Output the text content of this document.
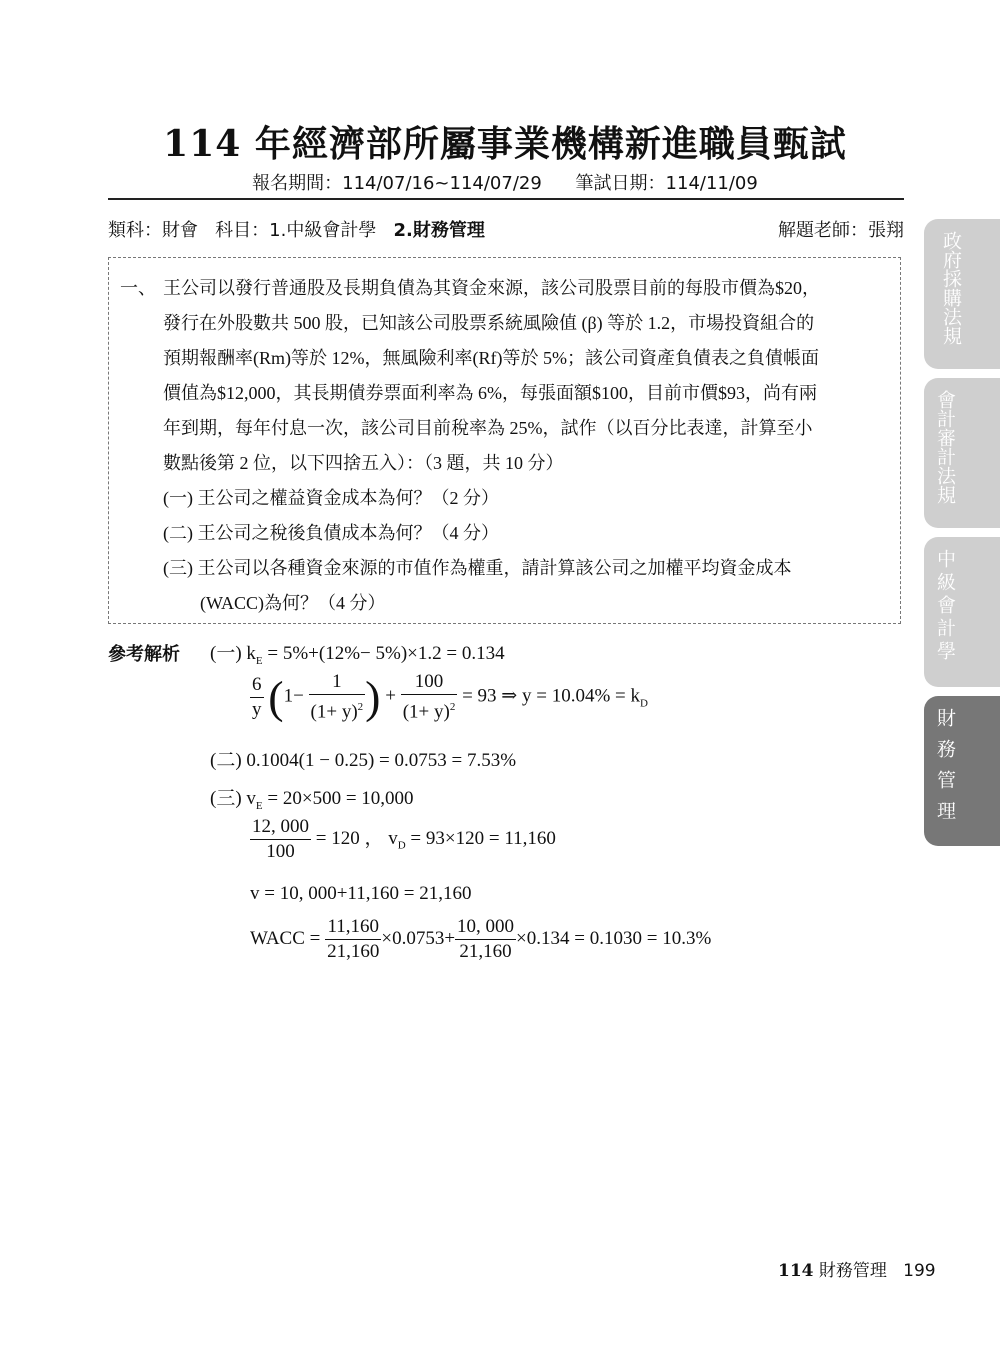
114 年經濟部所屬事業機構新進職員甄試
報名期間：114/07/16~114/07/29 筆試日期：114/11/09
類科：財會 科目：1.中級會計學 2.財務管理	解題老師：張翔
一、 王公司以發行普通股及長期負債為其資金來源，該公司股票目前的每股市價為$20，
發行在外股數共 500 股，已知該公司股票系統風險值 (β) 等於 1.2，市場投資組合的
預期報酬率(Rm)等於 12%，無風險利率(Rf)等於 5%；該公司資產負債表之負債帳面
價值為$12,000，其長期債券票面利率為 6%，每張面額$100，目前市價$93，尚有兩
年到期，每年付息一次，該公司目前稅率為 25%，試作（以百分比表達，計算至小
數點後第 2 位，以下四捨五入）：（3 題，共 10 分）
(一) 王公司之權益資金成本為何？（2 分）
(二) 王公司之稅後負債成本為何？（4 分）
(三) 王公司以各種資金來源的市值作為權重，請計算該公司之加權平均資金成本
(WACC)為何？（4 分）
參考解析 (一) $k_E = 5\%+(12\%- 5\%)\times 1.2 = 0.134$
$\frac{6}{y} (1- \frac{1}{(1+ y)^2}$ ) + $\frac{100}{(1+ y)^2} = 93$ ⇒ $y = 10.04\% = k_D$
(二) 0.1004(1 − 0.25) = 0.0753 = 7.53%
(三) $v_E = 20\times 500 = 10,000$
$\frac{12, 000}{100} = 120$ ， $v_D = 93\times 120 = 11,160$
v = 10, 000+11,160 = 21,160
WACC = $\frac{11,160}{21,160} \times 0.0753+ \frac{10, 000}{21,160} \times 0.134 = 0.1030 = 10.3\%$
政府採購法規
會計審計法規
中級會計學
財務管理
114 財務管理 199
